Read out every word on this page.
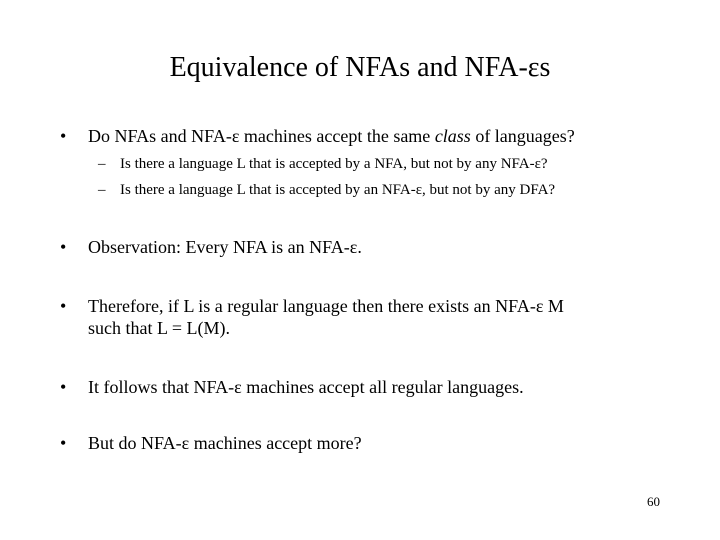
Equivalence of NFAs and NFA-εs
•	Do NFAs and NFA-ε machines accept the same class of languages?
– Is there a language L that is accepted by a NFA, but not by any NFA-ε?
– Is there a language L that is accepted by an NFA-ε, but not by any DFA?
•	Observation: Every NFA is an NFA-ε.
•	Therefore, if L is a regular language then there exists an NFA-ε M
such that L = L(M).
•	It follows that NFA-ε machines accept all regular languages.
•	But do NFA-ε machines accept more?
60
